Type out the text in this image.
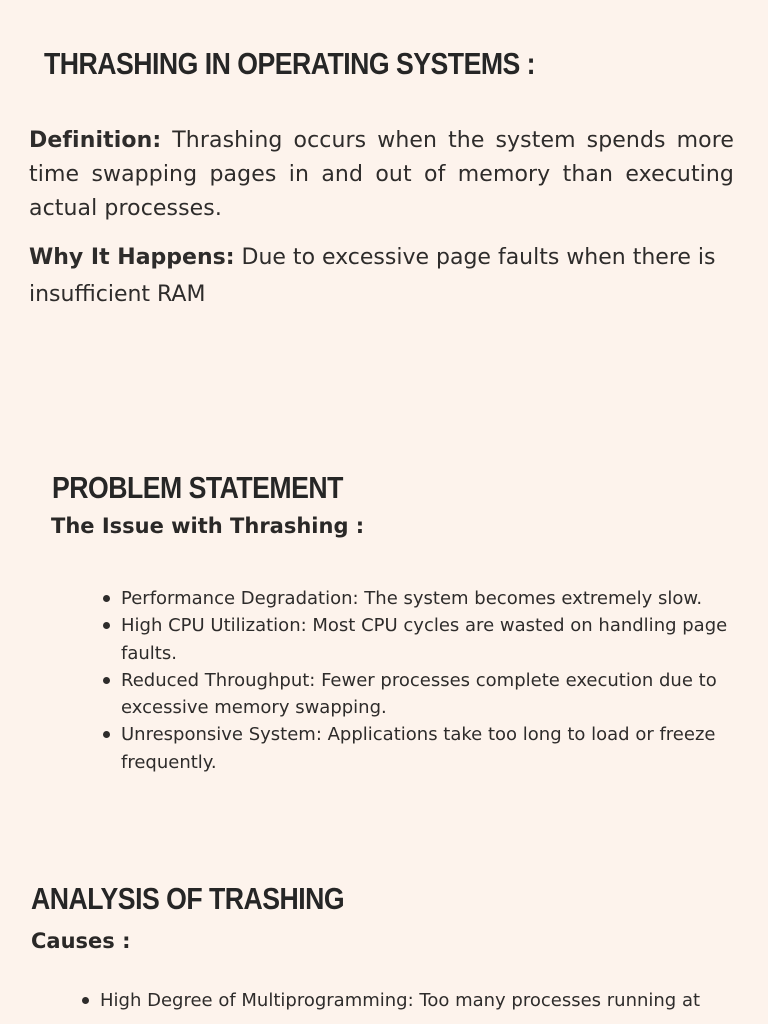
THRASHING IN OPERATING SYSTEMS :

Definition: Thrashing occurs when the system spends more time swapping pages in and out of memory than executing actual processes.

Why It Happens: Due to excessive page faults when there is insufficient RAM

PROBLEM STATEMENT
The Issue with Thrashing :
Performance Degradation: The system becomes extremely slow.
High CPU Utilization: Most CPU cycles are wasted on handling page faults.
Reduced Throughput: Fewer processes complete execution due to excessive memory swapping.
Unresponsive System: Applications take too long to load or freeze frequently.
ANALYSIS OF TRASHING
Causes :
High Degree of Multiprogramming: Too many processes running at
